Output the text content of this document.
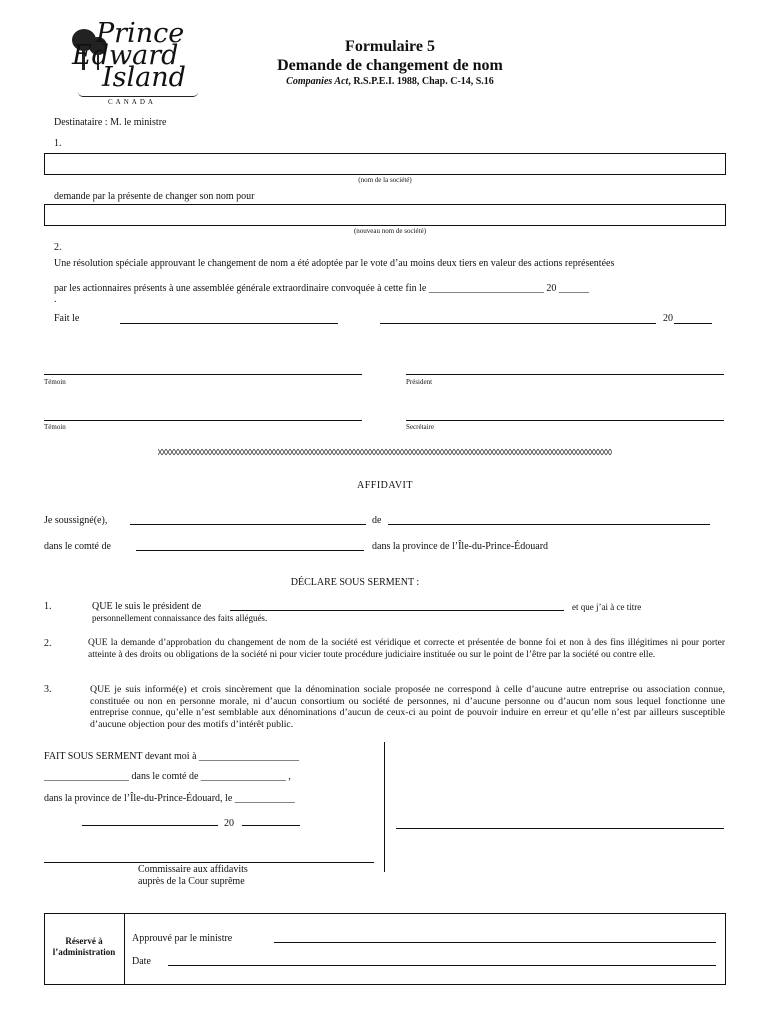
Prince
Edward
Island
CANADA
Formulaire 5
Demande de changement de nom
Companies Act, R.S.P.E.I. 1988, Chap. C-14, S.16
Destinataire : M. le ministre
1.
(nom de la société)
demande par la présente de changer son nom pour
(nouveau nom de société)
2.
Une résolution spéciale approuvant le changement de nom a été adoptée par le vote d’au moins deux tiers en valeur des actions représentées
par les actionnaires présents à une assemblée générale extraordinaire convoquée à cette fin le _______________________ 20 ______
.
Fait le	20
Témoin	Président
Témoin	Secrétaire
AFFIDAVIT
Je soussigné(e),	de
dans le comté de	dans la province de l’Île-du-Prince-Édouard
DÉCLARE SOUS SERMENT :
1.	QUE le suis le président de	et que j’ai à ce titre
personnellement connaissance des faits allégués.
2.	QUE la demande d’approbation du changement de nom de la société est véridique et correcte et présentée de bonne foi et non à des fins illégitimes ni pour porter atteinte à des droits ou obligations de la société ni pour vicier toute procédure judiciaire instituée ou sur le point de l’être par la société ou contre elle.
3.	QUE je suis informé(e) et crois sincèrement que la dénomination sociale proposée ne correspond à celle d’aucune autre entreprise ou association connue, constituée ou non en personne morale, ni d’aucun consortium ou société de personnes, ni d’aucune personne ou d’aucun nom sous lequel fonctionne une entreprise connue, qu’elle n’est semblable aux dénominations d’aucun de ceux-ci au point de pouvoir induire en erreur et qu’elle n’est par ailleurs susceptible d’aucune objection pour des motifs d’intérêt public.
FAIT SOUS SERMENT devant moi à ____________________
_________________ dans le comté de _________________ ,
dans la province de l’Île-du-Prince-Édouard, le ____________
20
Commissaire aux affidavits
auprès de la Cour suprême
Réservé à
l’administration
Approuvé par le ministre
Date
